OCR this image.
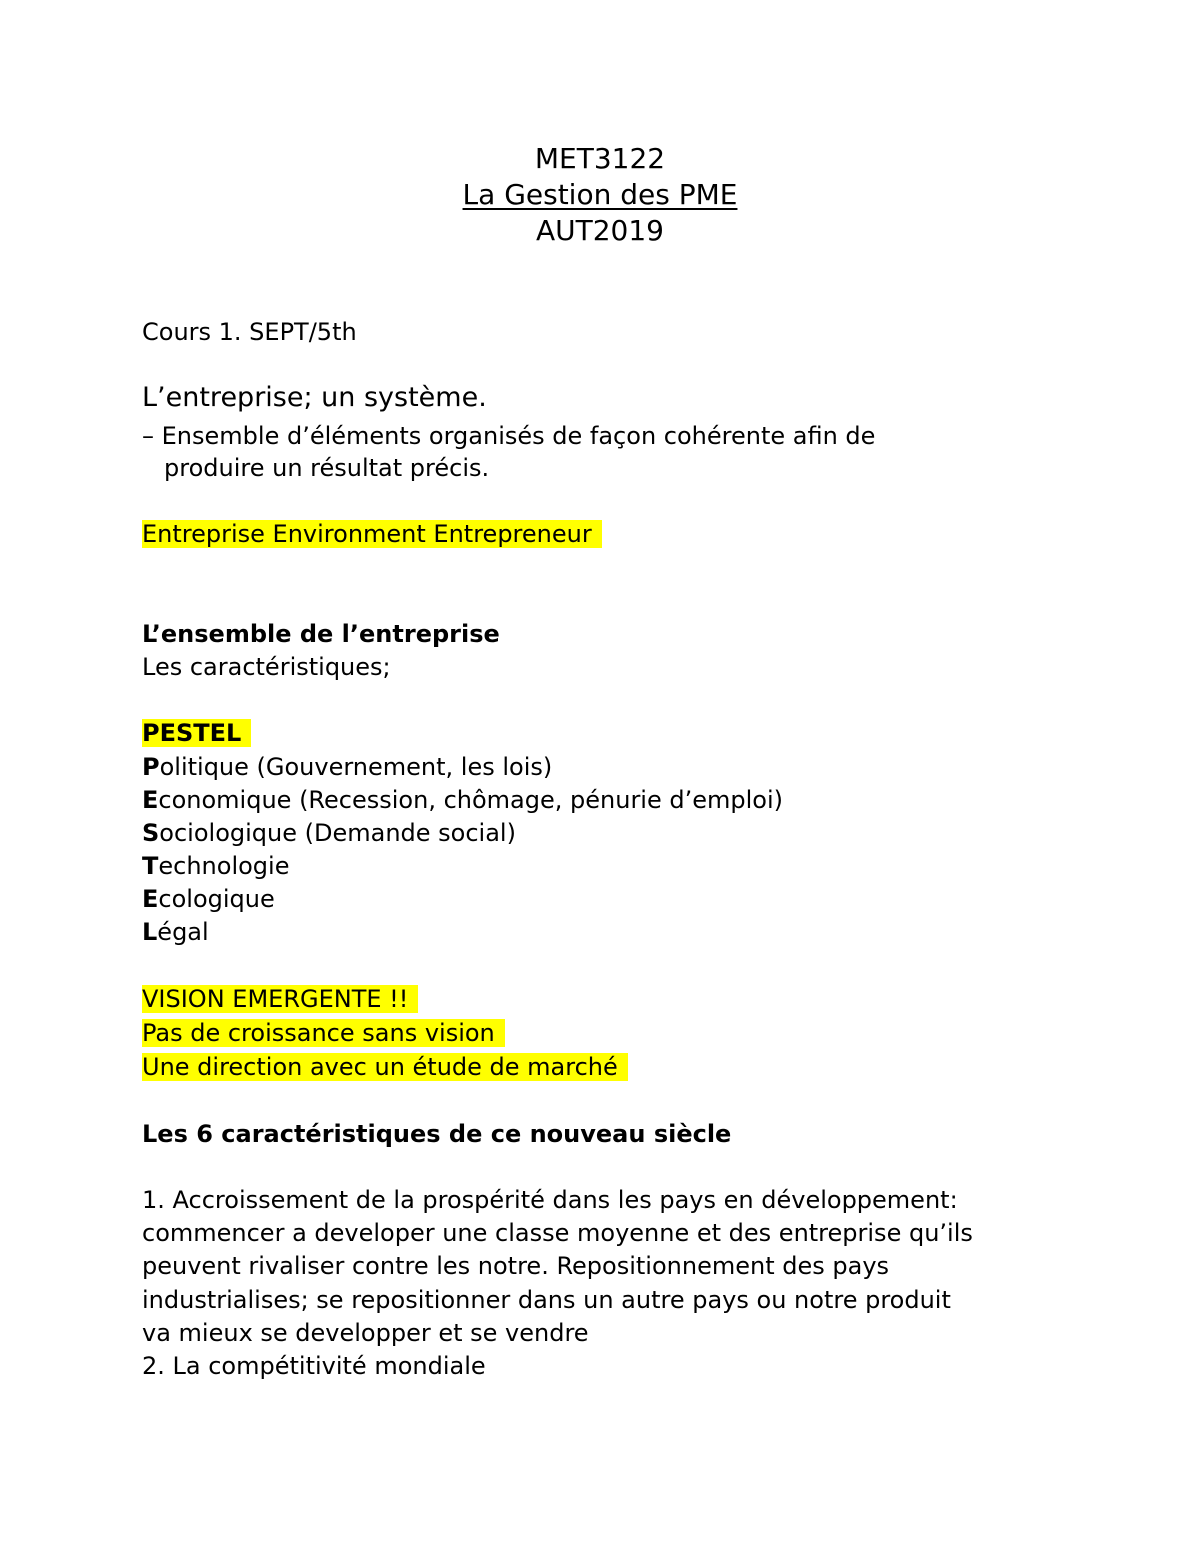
MET3122
La Gestion des PME
AUT2019
Cours 1. SEPT/5th
L’entreprise; un système.
– Ensemble d’éléments organisés de façon cohérente afin de
produire un résultat précis.
Entreprise Environment Entrepreneur
L’ensemble de l’entreprise
Les caractéristiques;
PESTEL
Politique (Gouvernement, les lois)
Economique (Recession, chômage, pénurie d’emploi)
Sociologique (Demande social)
Technologie
Ecologique
Légal
VISION EMERGENTE !!
Pas de croissance sans vision
Une direction avec un étude de marché
Les 6 caractéristiques de ce nouveau siècle
1. Accroissement de la prospérité dans les pays en développement:
commencer a developer une classe moyenne et des entreprise qu’ils
peuvent rivaliser contre les notre. Repositionnement des pays
industrialises; se repositionner dans un autre pays ou notre produit
va mieux se developper et se vendre
2. La compétitivité mondiale
